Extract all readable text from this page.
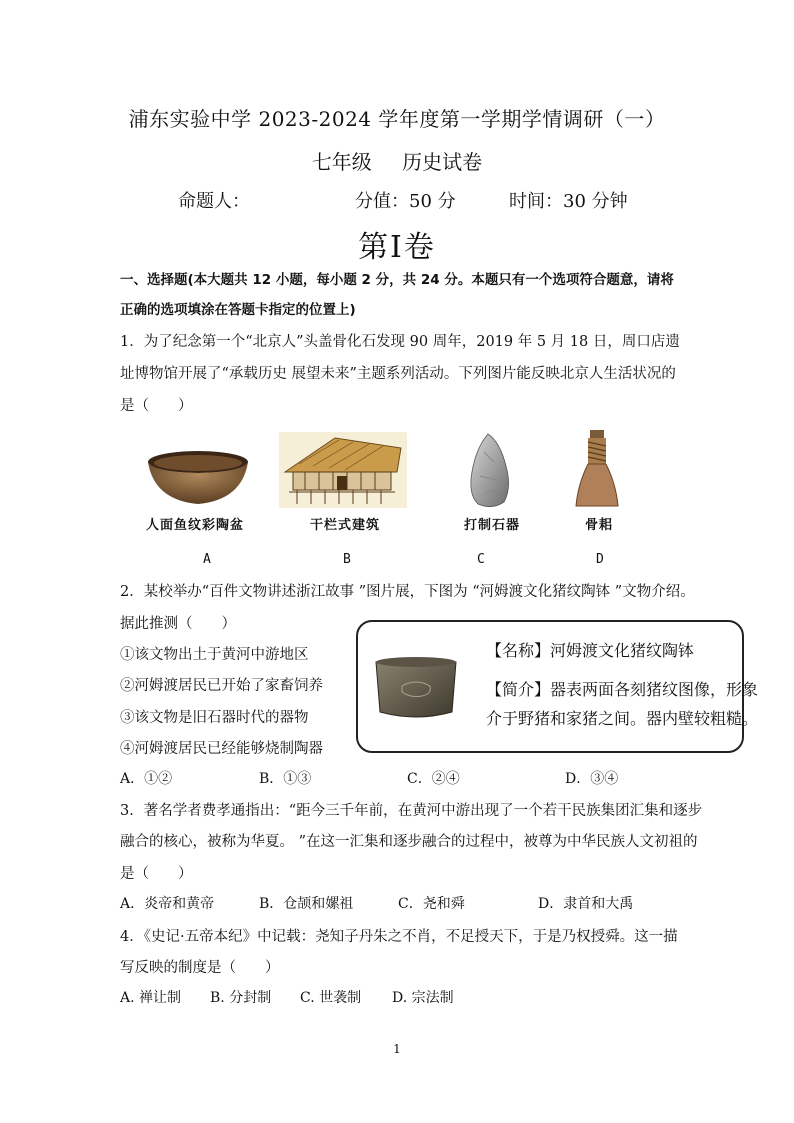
浦东实验中学 2023-2024 学年度第一学期学情调研（一）
七年级 历史试卷
命题人：	分值：50 分	时间：30 分钟
第Ⅰ卷
一、选择题(本大题共 12 小题，每小题 2 分，共 24 分。本题只有一个选项符合题意，请将
正确的选项填涂在答题卡指定的位置上)
1．为了纪念第一个“北京人”头盖骨化石发现 90 周年，2019 年 5 月 18 日，周口店遗
址博物馆开展了“承载历史 展望未来”主题系列活动。下列图片能反映北京人生活状况的
是（　　）
人面鱼纹彩陶盆	干栏式建筑	打制石器	骨耜
A	B	C	D
2．某校举办“百件文物讲述浙江故事 ”图片展，下图为 “河姆渡文化猪纹陶钵 ”文物介绍。
据此推测（　　）
①该文物出土于黄河中游地区
②河姆渡居民已开始了家畜饲养
③该文物是旧石器时代的器物
④河姆渡居民已经能够烧制陶器
【名称】河姆渡文化猪纹陶钵
【简介】器表两面各刻猪纹图像，形象
介于野猪和家猪之间。器内壁较粗糙。
A．①②	B．①③	C．②④	D．③④
3．著名学者费孝通指出：“距今三千年前，在黄河中游出现了一个若干民族集团汇集和逐步
融合的核心，被称为华夏。 ”在这一汇集和逐步融合的过程中，被尊为中华民族人文初祖的
是（　　）
A．炎帝和黄帝	B．仓颉和嫘祖	C．尧和舜	D．隶首和大禹
4．《史记·五帝本纪》中记载：尧知子丹朱之不肖，不足授天下，于是乃权授舜。这一描
写反映的制度是（　　）
A. 禅让制 B. 分封制 C. 世袭制 D. 宗法制
1
